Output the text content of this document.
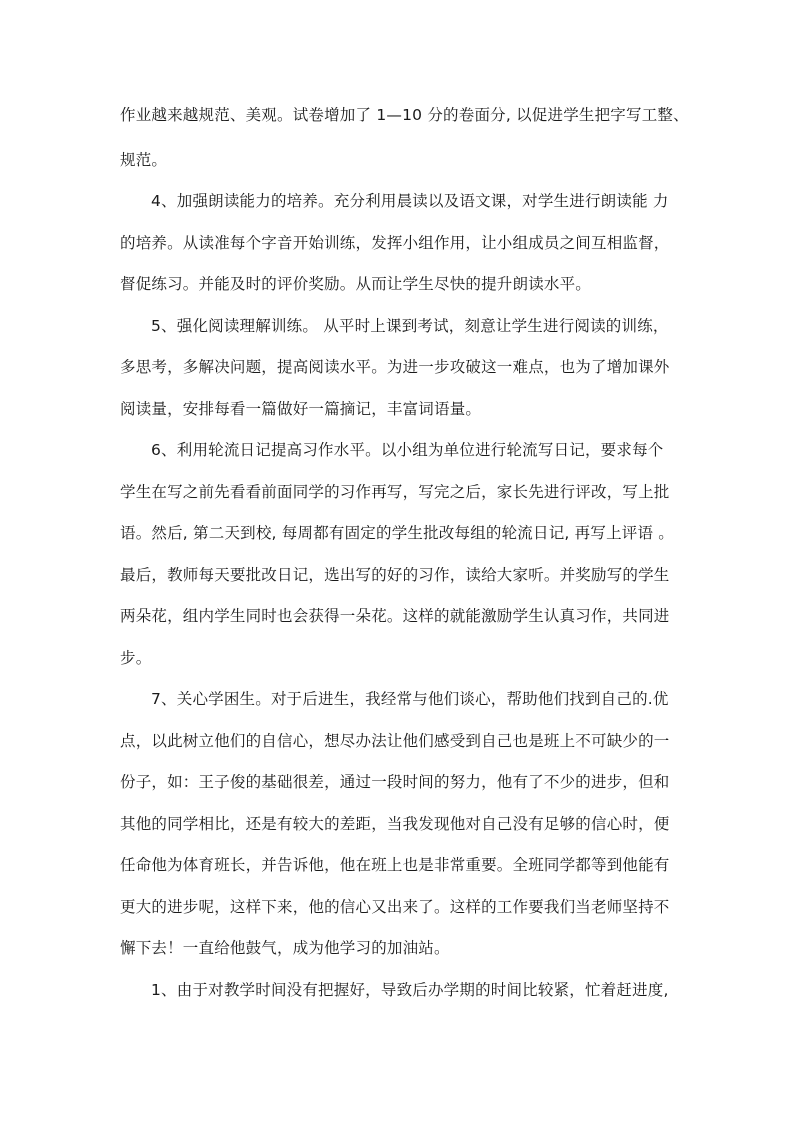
作业越来越规范、美观。试卷增加了 1—10 分的卷面分, 以促进学生把字写工整、
规范。
4、加强朗读能力的培养。充分利用晨读以及语文课，对学生进行朗读能 力
的培养。从读准每个字音开始训练，发挥小组作用，让小组成员之间互相监督，
督促练习。并能及时的评价奖励。从而让学生尽快的提升朗读水平。
5、强化阅读理解训练。 从平时上课到考试，刻意让学生进行阅读的训练，
多思考，多解决问题，提高阅读水平。为进一步攻破这一难点，也为了增加课外
阅读量，安排每看一篇做好一篇摘记，丰富词语量。
6、利用轮流日记提高习作水平。以小组为单位进行轮流写日记，要求每个
学生在写之前先看看前面同学的习作再写，写完之后，家长先进行评改，写上批
语。然后, 第二天到校, 每周都有固定的学生批改每组的轮流日记, 再写上评语 。
最后，教师每天要批改日记，选出写的好的习作，读给大家听。并奖励写的学生
两朵花，组内学生同时也会获得一朵花。这样的就能激励学生认真习作，共同进
步。
7、关心学困生。对于后进生，我经常与他们谈心，帮助他们找到自己的.优
点，以此树立他们的自信心，想尽办法让他们感受到自己也是班上不可缺少的一
份子，如：王子俊的基础很差，通过一段时间的努力，他有了不少的进步，但和
其他的同学相比，还是有较大的差距，当我发现他对自己没有足够的信心时，便
任命他为体育班长，并告诉他，他在班上也是非常重要。全班同学都等到他能有
更大的进步呢，这样下来，他的信心又出来了。这样的工作要我们当老师坚持不
懈下去！一直给他鼓气，成为他学习的加油站。
1、由于对教学时间没有把握好，导致后办学期的时间比较紧，忙着赶进度,
